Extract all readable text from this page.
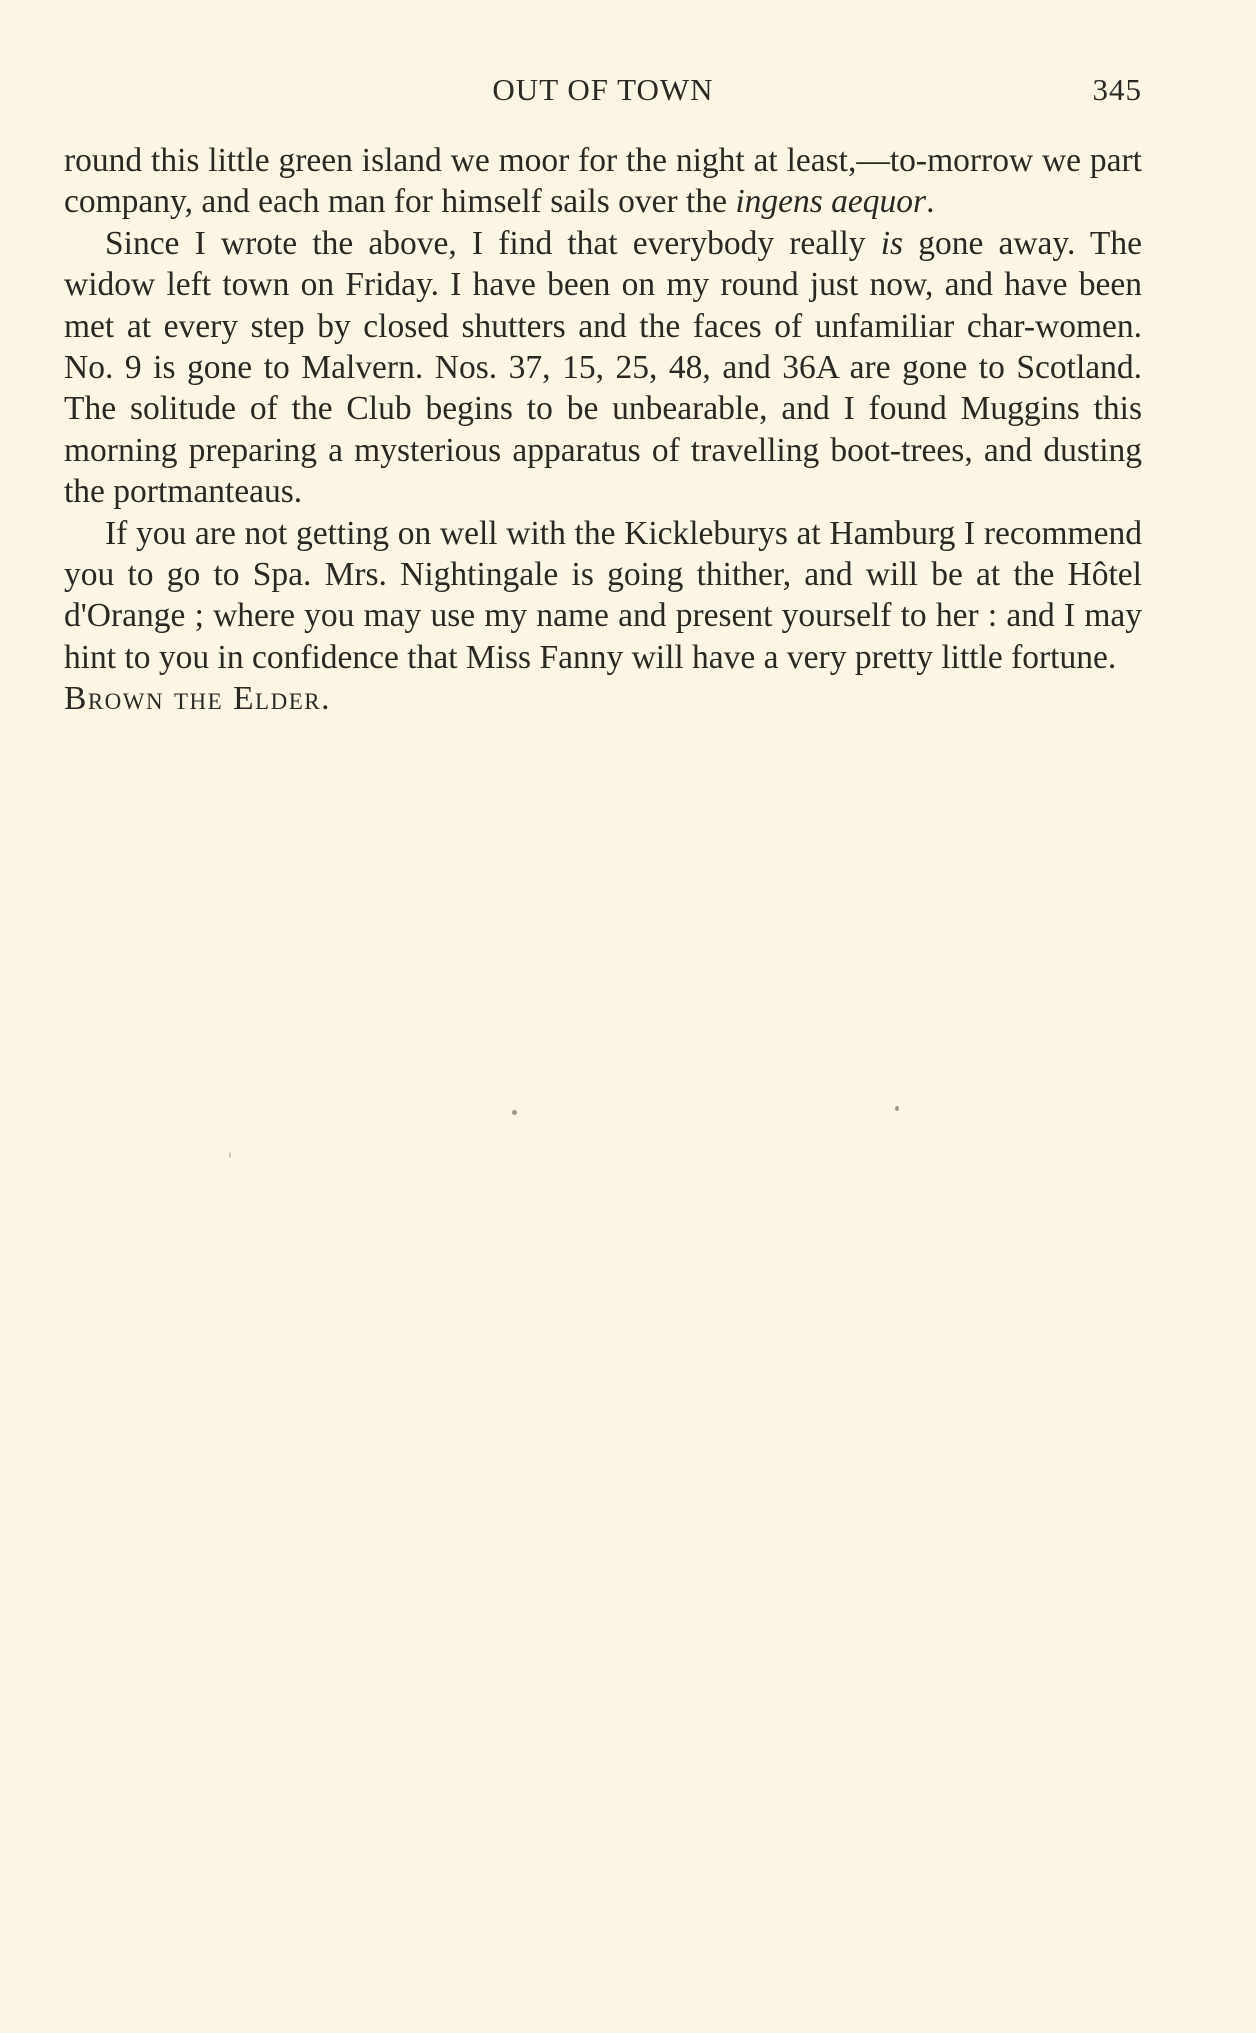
OUT OF TOWN	345

round this little green island we moor for the night at least,—to-morrow we part company, and each man for himself sails over the ingens aequor.

Since I wrote the above, I find that everybody really is gone away. The widow left town on Friday. I have been on my round just now, and have been met at every step by closed shutters and the faces of unfamiliar char-women. No. 9 is gone to Malvern. Nos. 37, 15, 25, 48, and 36A are gone to Scotland. The solitude of the Club begins to be unbearable, and I found Muggins this morning preparing a mysterious apparatus of travelling boot-trees, and dusting the portmanteaus.

If you are not getting on well with the Kickleburys at Hamburg I recommend you to go to Spa. Mrs. Nightingale is going thither, and will be at the Hôtel d'Orange ; where you may use my name and present yourself to her : and I may hint to you in confidence that Miss Fanny will have a very pretty little fortune.

Brown the Elder.
